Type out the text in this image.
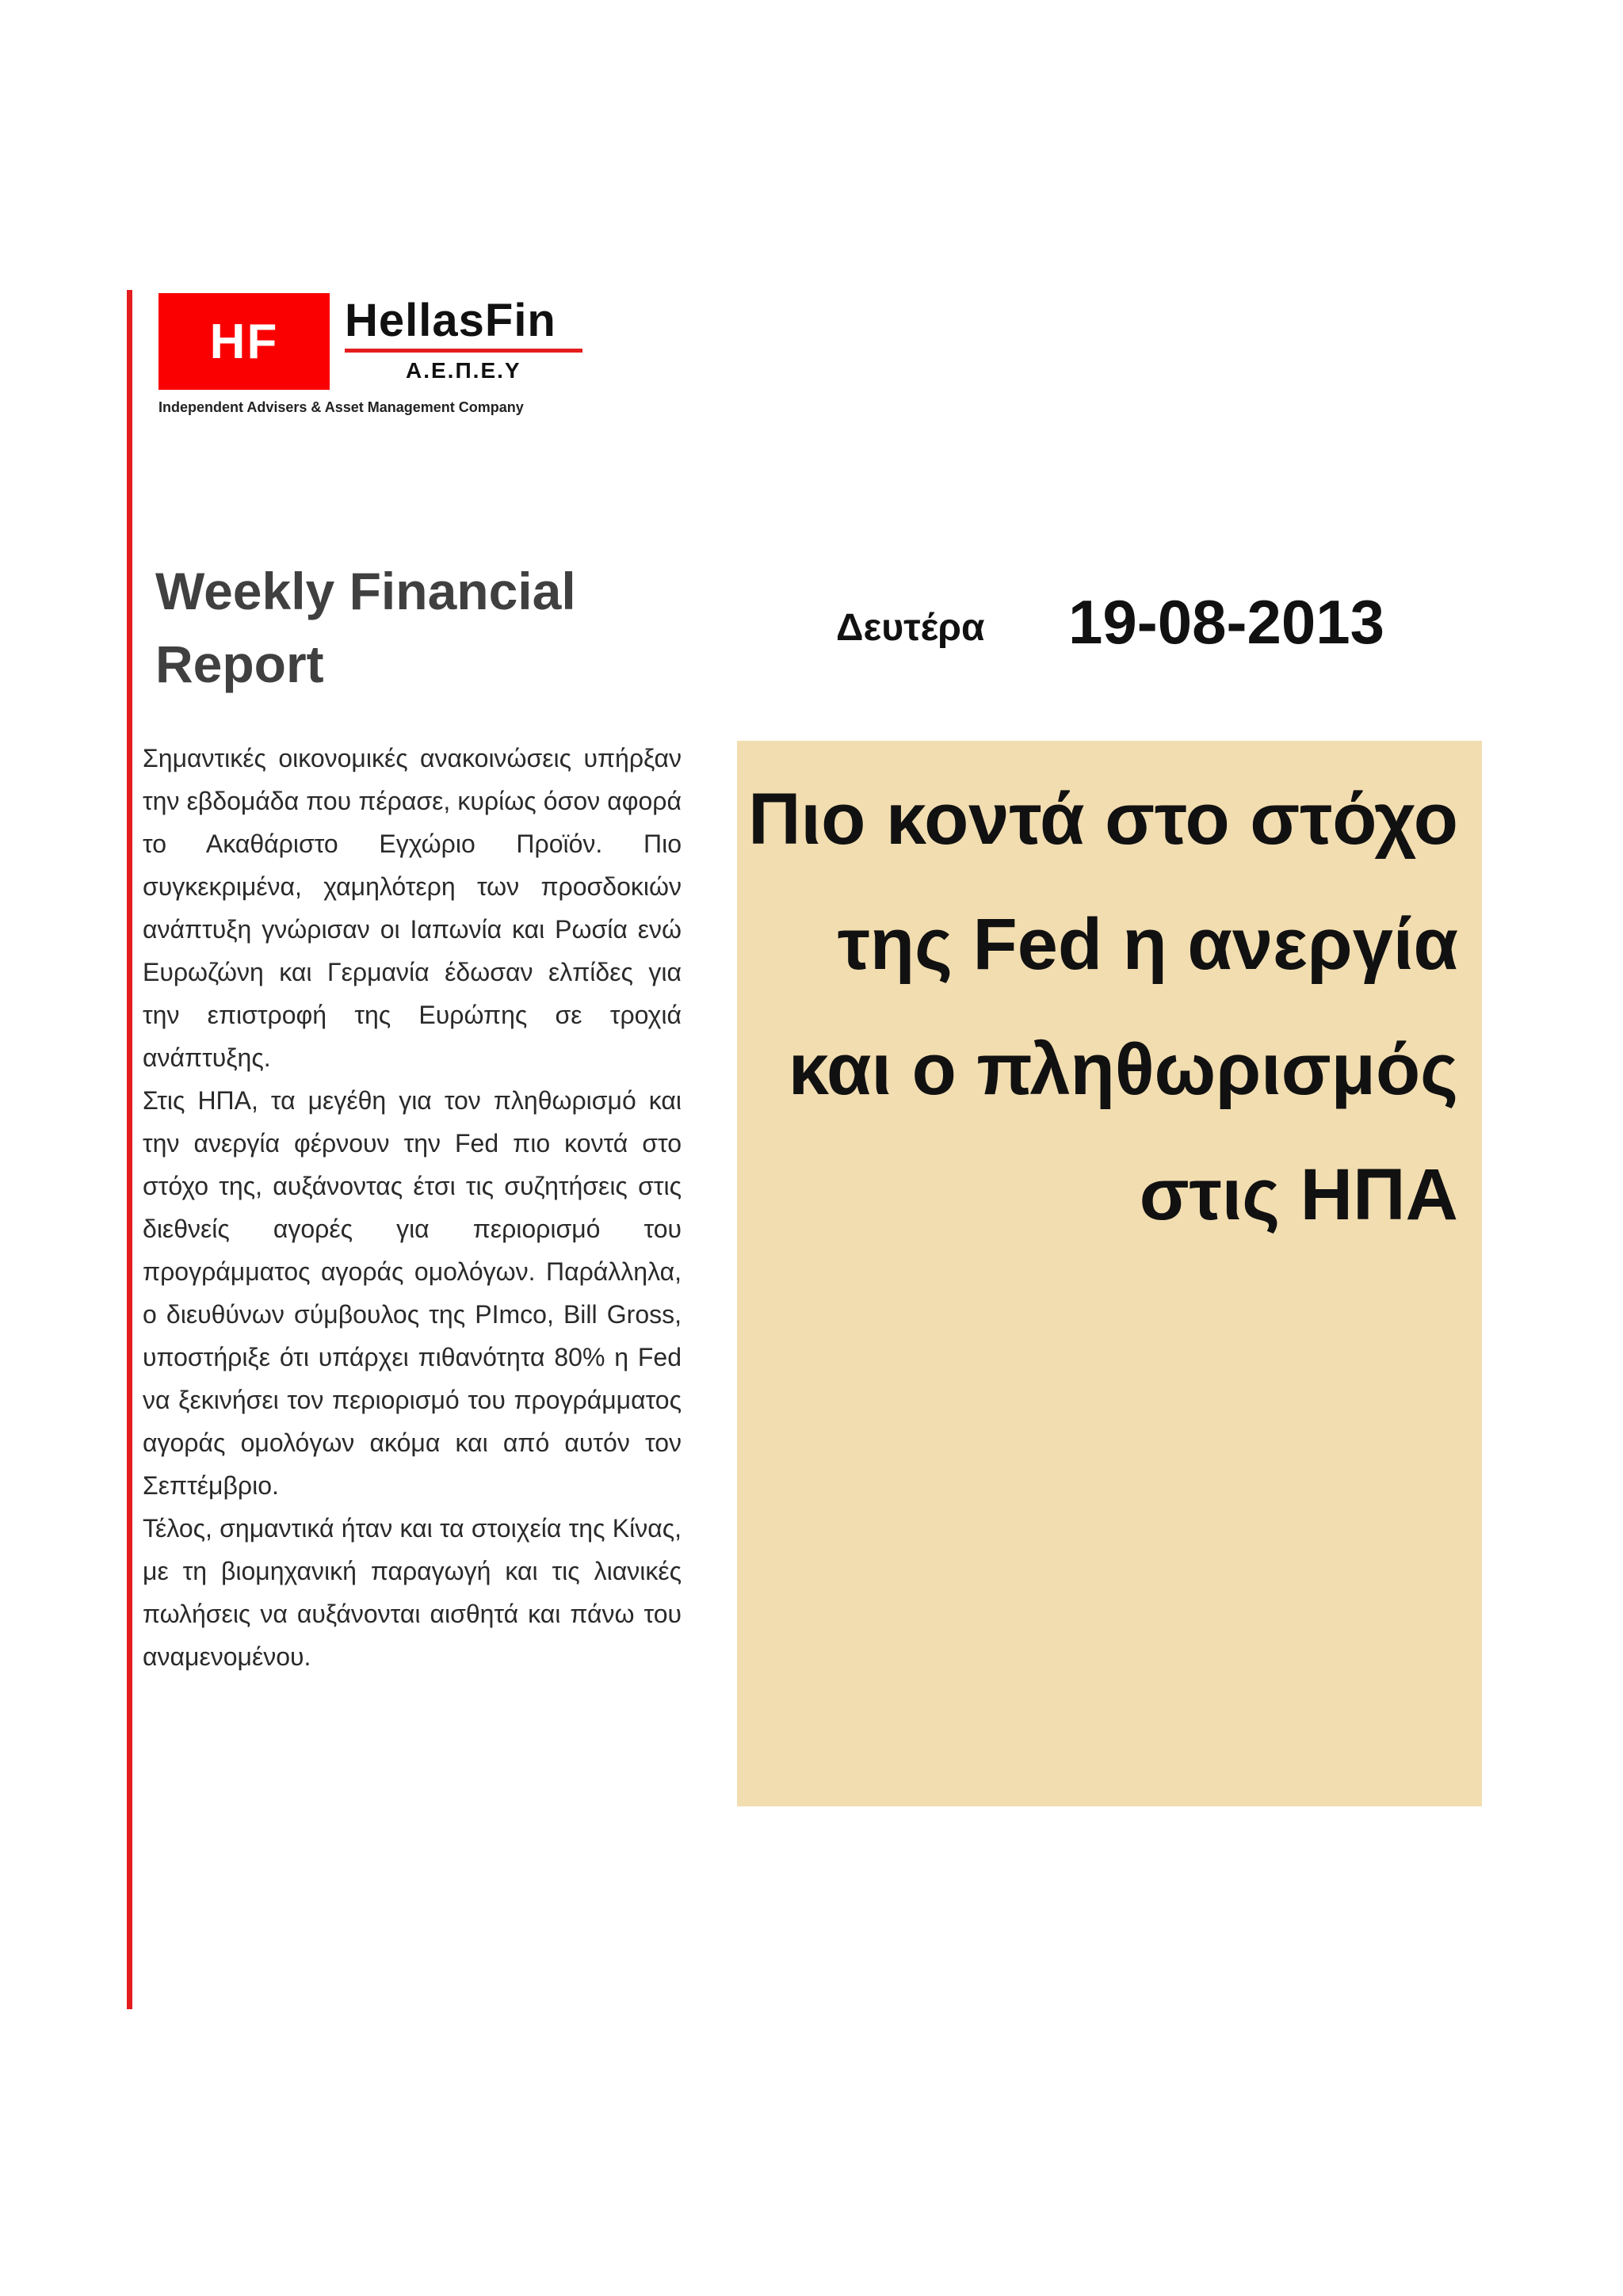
HF	HellasFin
Α.Ε.Π.Ε.Υ
Independent Advisers & Asset Management Company
Weekly Financial Report
Δευτέρα 19-08-2013

Σημαντικές οικονομικές ανακοινώσεις υπήρξαν την εβδομάδα που πέρασε, κυρίως όσον αφορά το Ακαθάριστο Εγχώριο Προϊόν. Πιο συγκεκριμένα, χαμηλότερη των προσδοκιών ανάπτυξη γνώρισαν οι Ιαπωνία και Ρωσία ενώ Ευρωζώνη και Γερμανία έδωσαν ελπίδες για την επιστροφή της Ευρώπης σε τροχιά ανάπτυξης.

Στις ΗΠΑ, τα μεγέθη για τον πληθωρισμό και την ανεργία φέρνουν την Fed πιο κοντά στο στόχο της, αυξάνοντας έτσι τις συζητήσεις στις διεθνείς αγορές για περιορισμό του προγράμματος αγοράς ομολόγων. Παράλληλα, ο διευθύνων σύμβουλος της PImco, Bill Gross, υποστήριξε ότι υπάρχει πιθανότητα 80% η Fed να ξεκινήσει τον περιορισμό του προγράμματος αγοράς ομολόγων ακόμα και από αυτόν τον Σεπτέμβριο.

Τέλος, σημαντικά ήταν και τα στοιχεία της Κίνας, με τη βιομηχανική παραγωγή και τις λιανικές πωλήσεις να αυξάνονται αισθητά και πάνω του αναμενομένου.

Πιο κοντά στο στόχο της Fed η ανεργία και ο πληθωρισμός στις ΗΠΑ
